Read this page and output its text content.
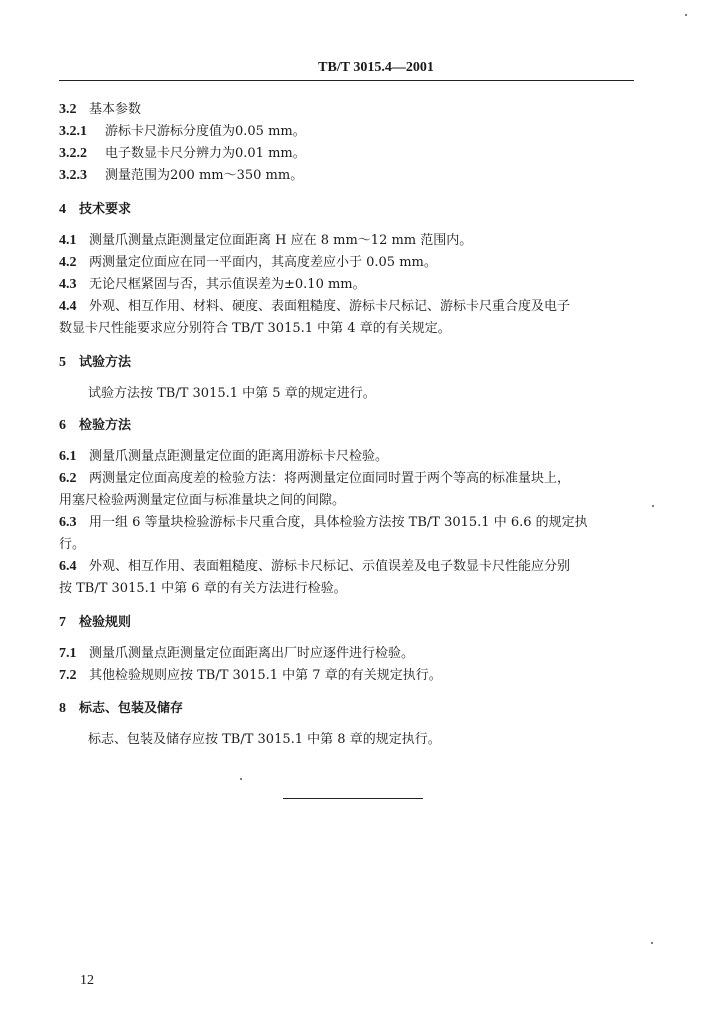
TB/T 3015.4—2001
3.2 基本参数
3.2.1 游标卡尺游标分度值为0.05 mm。
3.2.2 电子数显卡尺分辨力为0.01 mm。
3.2.3 测量范围为200 mm～350 mm。
4 技术要求
4.1 测量爪测量点距测量定位面距离 H 应在 8 mm～12 mm 范围内。
4.2 两测量定位面应在同一平面内，其高度差应小于 0.05 mm。
4.3 无论尺框紧固与否，其示值误差为±0.10 mm。
4.4 外观、相互作用、材料、硬度、表面粗糙度、游标卡尺标记、游标卡尺重合度及电子
数显卡尺性能要求应分别符合 TB/T 3015.1 中第 4 章的有关规定。
5 试验方法
试验方法按 TB/T 3015.1 中第 5 章的规定进行。
6 检验方法
6.1 测量爪测量点距测量定位面的距离用游标卡尺检验。
6.2 两测量定位面高度差的检验方法：将两测量定位面同时置于两个等高的标准量块上，
用塞尺检验两测量定位面与标准量块之间的间隙。
6.3 用一组 6 等量块检验游标卡尺重合度，具体检验方法按 TB/T 3015.1 中 6.6 的规定执
行。
6.4 外观、相互作用、表面粗糙度、游标卡尺标记、示值误差及电子数显卡尺性能应分别
按 TB/T 3015.1 中第 6 章的有关方法进行检验。
7 检验规则
7.1 测量爪测量点距测量定位面距离出厂时应逐件进行检验。
7.2 其他检验规则应按 TB/T 3015.1 中第 7 章的有关规定执行。
8 标志、包装及储存
标志、包装及储存应按 TB/T 3015.1 中第 8 章的规定执行。
12
